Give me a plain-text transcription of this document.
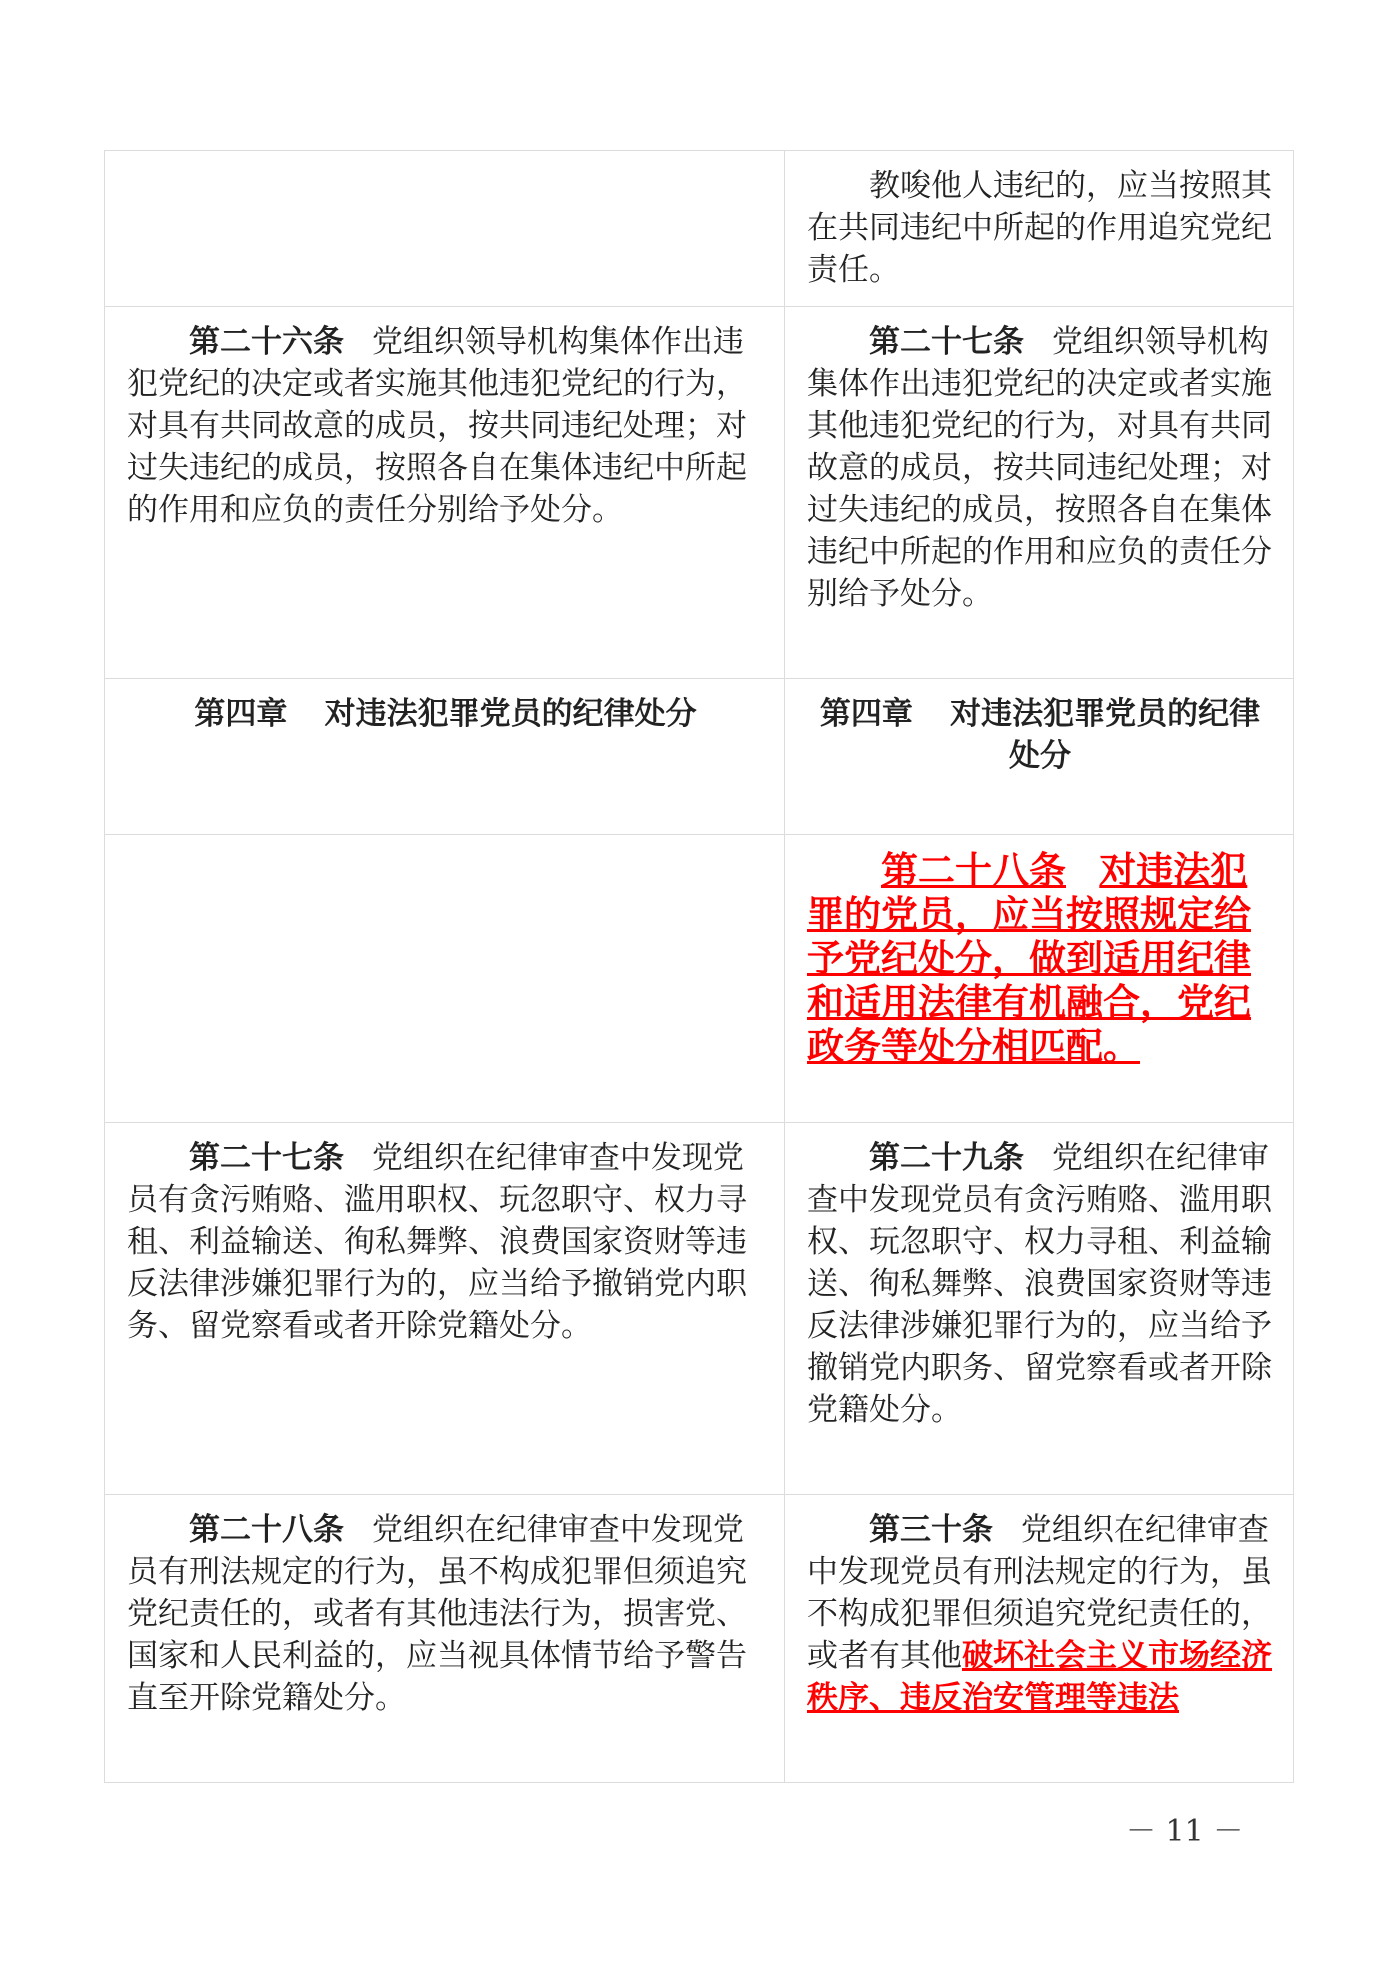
	教唆他人违纪的，应当按照其在共同违纪中所起的作用追究党纪责任。

第二十六条 党组织领导机构集体作出违犯党纪的决定或者实施其他违犯党纪的行为，对具有共同故意的成员，按共同违纪处理；对过失违纪的成员，按照各自在集体违纪中所起的作用和应负的责任分别给予处分。	第二十七条 党组织领导机构集体作出违犯党纪的决定或者实施其他违犯党纪的行为，对具有共同故意的成员，按共同违纪处理；对过失违纪的成员，按照各自在集体违纪中所起的作用和应负的责任分别给予处分。

第四章 对违法犯罪党员的纪律处分	第四章 对违法犯罪党员的纪律处分

	第二十八条 对违法犯罪的党员，应当按照规定给予党纪处分，做到适用纪律和适用法律有机融合，党纪政务等处分相匹配。

第二十七条 党组织在纪律审查中发现党员有贪污贿赂、滥用职权、玩忽职守、权力寻租、利益输送、徇私舞弊、浪费国家资财等违反法律涉嫌犯罪行为的，应当给予撤销党内职务、留党察看或者开除党籍处分。	第二十九条 党组织在纪律审查中发现党员有贪污贿赂、滥用职权、玩忽职守、权力寻租、利益输送、徇私舞弊、浪费国家资财等违反法律涉嫌犯罪行为的，应当给予撤销党内职务、留党察看或者开除党籍处分。

第二十八条 党组织在纪律审查中发现党员有刑法规定的行为，虽不构成犯罪但须追究党纪责任的，或者有其他违法行为，损害党、国家和人民利益的，应当视具体情节给予警告直至开除党籍处分。	第三十条 党组织在纪律审查中发现党员有刑法规定的行为，虽不构成犯罪但须追究党纪责任的，或者有其他破坏社会主义市场经济秩序、违反治安管理等违法

－ 11 －
